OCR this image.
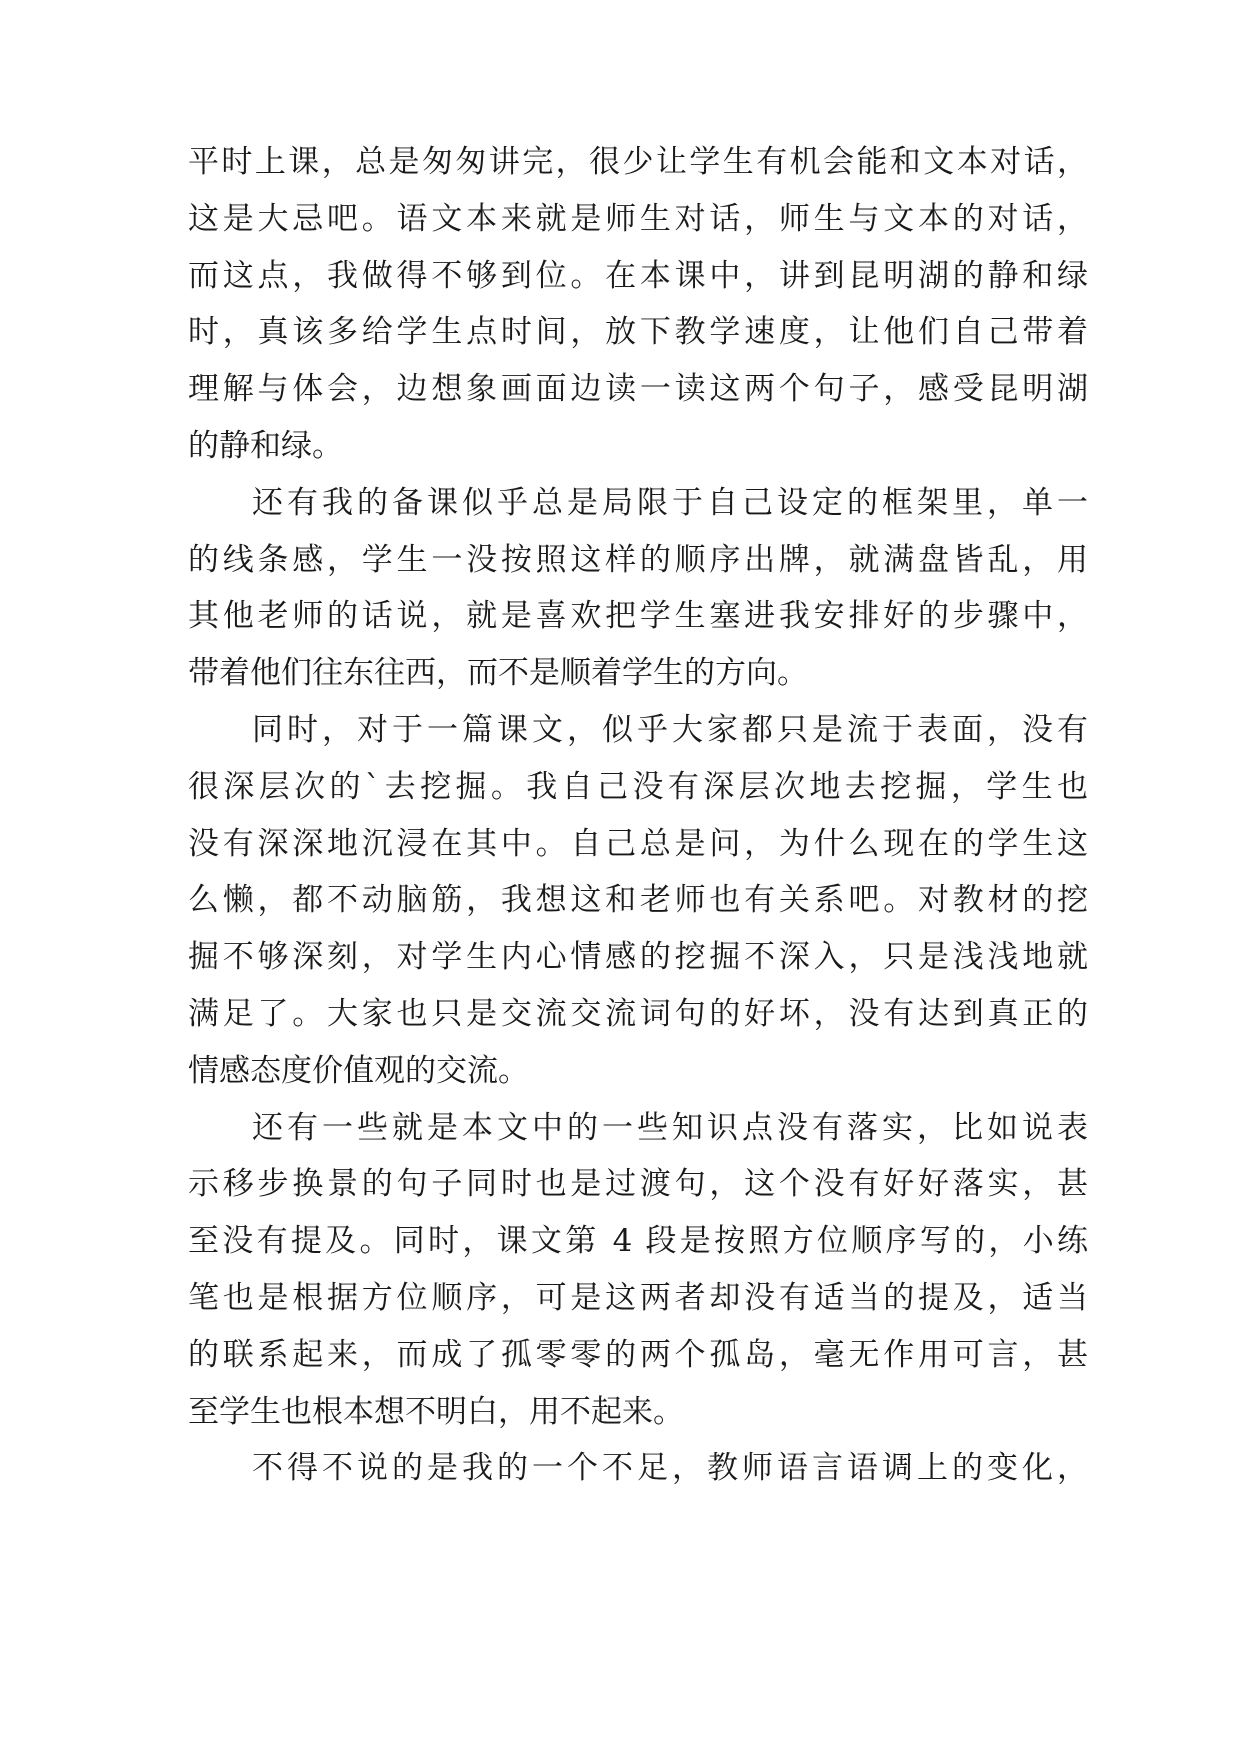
平时上课，总是匆匆讲完，很少让学生有机会能和文本对话，
这是大忌吧。语文本来就是师生对话，师生与文本的对话，
而这点，我做得不够到位。在本课中，讲到昆明湖的静和绿
时，真该多给学生点时间，放下教学速度，让他们自己带着
理解与体会，边想象画面边读一读这两个句子，感受昆明湖
的静和绿。
还有我的备课似乎总是局限于自己设定的框架里，单一
的线条感，学生一没按照这样的顺序出牌，就满盘皆乱，用
其他老师的话说，就是喜欢把学生塞进我安排好的步骤中，
带着他们往东往西，而不是顺着学生的方向。
同时，对于一篇课文，似乎大家都只是流于表面，没有
很深层次的`去挖掘。我自己没有深层次地去挖掘，学生也
没有深深地沉浸在其中。自己总是问，为什么现在的学生这
么懒，都不动脑筋，我想这和老师也有关系吧。对教材的挖
掘不够深刻，对学生内心情感的挖掘不深入，只是浅浅地就
满足了。大家也只是交流交流词句的好坏，没有达到真正的
情感态度价值观的交流。
还有一些就是本文中的一些知识点没有落实，比如说表
示移步换景的句子同时也是过渡句，这个没有好好落实，甚
至没有提及。同时，课文第 4 段是按照方位顺序写的，小练
笔也是根据方位顺序，可是这两者却没有适当的提及，适当
的联系起来，而成了孤零零的两个孤岛，毫无作用可言，甚
至学生也根本想不明白，用不起来。
不得不说的是我的一个不足，教师语言语调上的变化，
